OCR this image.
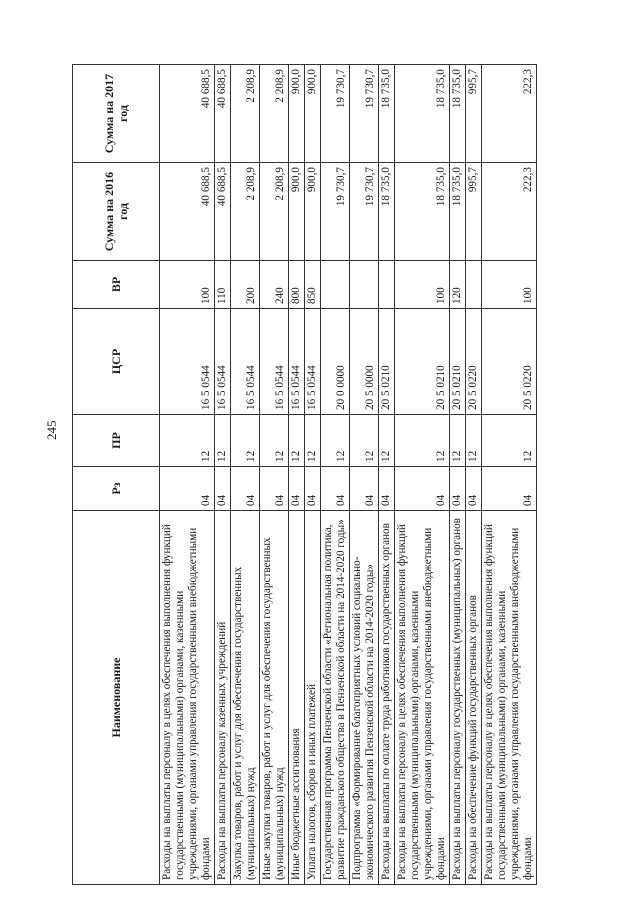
245
Наименование	Рз	ПР	ЦСР	ВР	Сумма на 2016 год	Сумма на 2017 год
Расходы на выплаты персоналу в целях обеспечения выполнения функций государственными (муниципальными) органами, казенными учреждениями, органами управления государственными внебюджетными фондами	04	12	16 5 0544	100	40 688,5	40 688,5
Расходы на выплаты персоналу казенных учреждений	04	12	16 5 0544	110	40 688,5	40 688,5
Закупка товаров, работ и услуг для обеспечения государственных (муниципальных) нужд	04	12	16 5 0544	200	2 208,9	2 208,9
Иные закупки товаров, работ и услуг для обеспечения государственных (муниципальных) нужд	04	12	16 5 0544	240	2 208,9	2 208,9
Иные бюджетные ассигнования	04	12	16 5 0544	800	900,0	900,0
Уплата налогов, сборов и иных платежей	04	12	16 5 0544	850	900,0	900,0
Государственная программа Пензенской области «Региональная политика, развитие гражданского общества в Пензенской области на 2014-2020 годы»	04	12	20 0 0000		19 730,7	19 730,7
Подпрограмма «Формирование благоприятных условий социально-экономического развития Пензенской области на 2014-2020 годы»	04	12	20 5 0000		19 730,7	19 730,7
Расходы на выплаты по оплате труда работников государственных органов	04	12	20 5 0210		18 735,0	18 735,0
Расходы на выплаты персоналу в целях обеспечения выполнения функций государственными (муниципальными) органами, казенными учреждениями, органами управления государственными внебюджетными фондами	04	12	20 5 0210	100	18 735,0	18 735,0
Расходы на выплаты персоналу государственных (муниципальных) органов	04	12	20 5 0210	120	18 735,0	18 735,0
Расходы на обеспечение функций государственных органов	04	12	20 5 0220		995,7	995,7
Расходы на выплаты персоналу в целях обеспечения выполнения функций государственными (муниципальными) органами, казенными учреждениями, органами управления государственными внебюджетными фондами	04	12	20 5 0220	100	222,3	222,3
